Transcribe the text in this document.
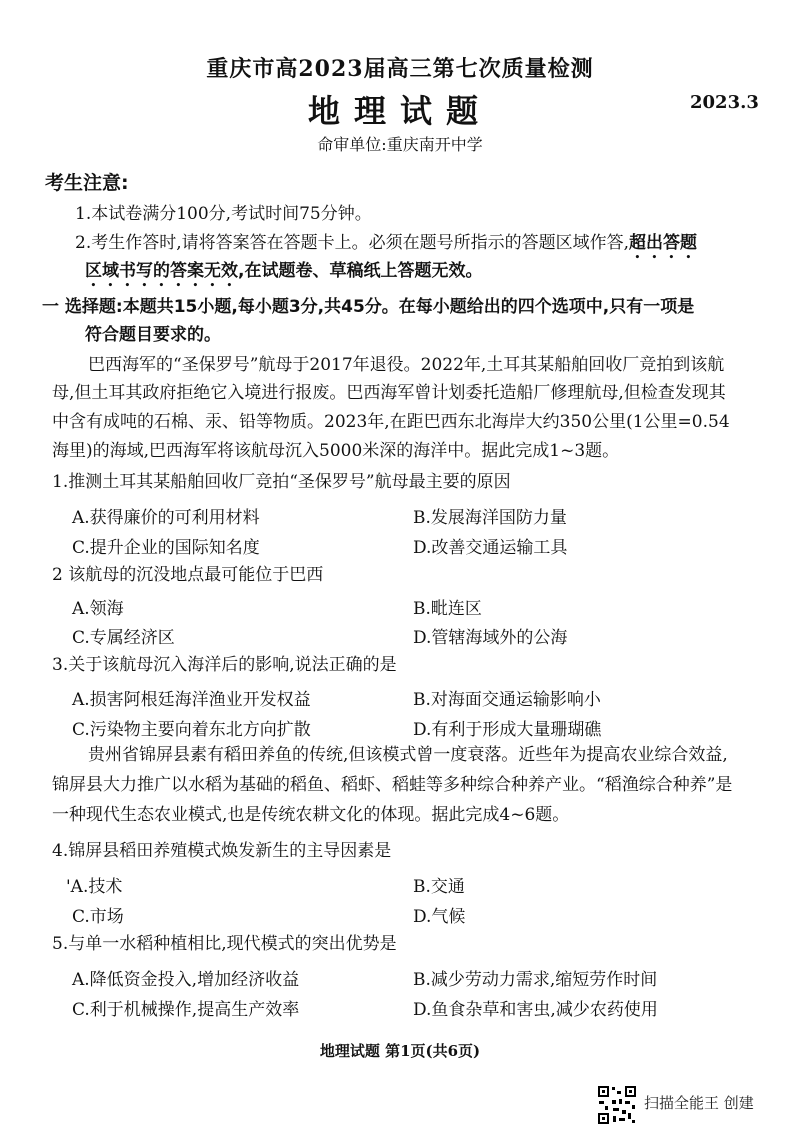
重庆市高2023届高三第七次质量检测
地理试题	2023.3
命审单位:重庆南开中学
考生注意:
1.本试卷满分100分,考试时间75分钟。
2.考生作答时,请将答案答在答题卡上。必须在题号所指示的答题区域作答,超出答题
区域书写的答案无效,在试题卷、草稿纸上答题无效。
一 选择题:本题共15小题,每小题3分,共45分。在每小题给出的四个选项中,只有一项是
符合题目要求的。
巴西海军的“圣保罗号”航母于2017年退役。2022年,土耳其某船舶回收厂竞拍到该航
母,但土耳其政府拒绝它入境进行报废。巴西海军曾计划委托造船厂修理航母,但检查发现其
中含有成吨的石棉、汞、铅等物质。2023年,在距巴西东北海岸大约350公里(1公里=0.54
海里)的海域,巴西海军将该航母沉入5000米深的海洋中。据此完成1~3题。
1.推测土耳其某船舶回收厂竞拍“圣保罗号”航母最主要的原因
A.获得廉价的可利用材料	B.发展海洋国防力量
C.提升企业的国际知名度	D.改善交通运输工具
2 该航母的沉没地点最可能位于巴西
A.领海	B.毗连区
C.专属经济区	D.管辖海域外的公海
3.关于该航母沉入海洋后的影响,说法正确的是
A.损害阿根廷海洋渔业开发权益	B.对海面交通运输影响小
C.污染物主要向着东北方向扩散	D.有利于形成大量珊瑚礁
贵州省锦屏县素有稻田养鱼的传统,但该模式曾一度衰落。近些年为提高农业综合效益,
锦屏县大力推广以水稻为基础的稻鱼、稻虾、稻蛙等多种综合种养产业。“稻渔综合种养”是
一种现代生态农业模式,也是传统农耕文化的体现。据此完成4~6题。
4.锦屏县稻田养殖模式焕发新生的主导因素是
'A.技术	B.交通
C.市场	D.气候
5.与单一水稻种植相比,现代模式的突出优势是
A.降低资金投入,增加经济收益	B.减少劳动力需求,缩短劳作时间
C.利于机械操作,提高生产效率	D.鱼食杂草和害虫,减少农药使用
地理试题 第1页(共6页)
扫描全能王 创建
